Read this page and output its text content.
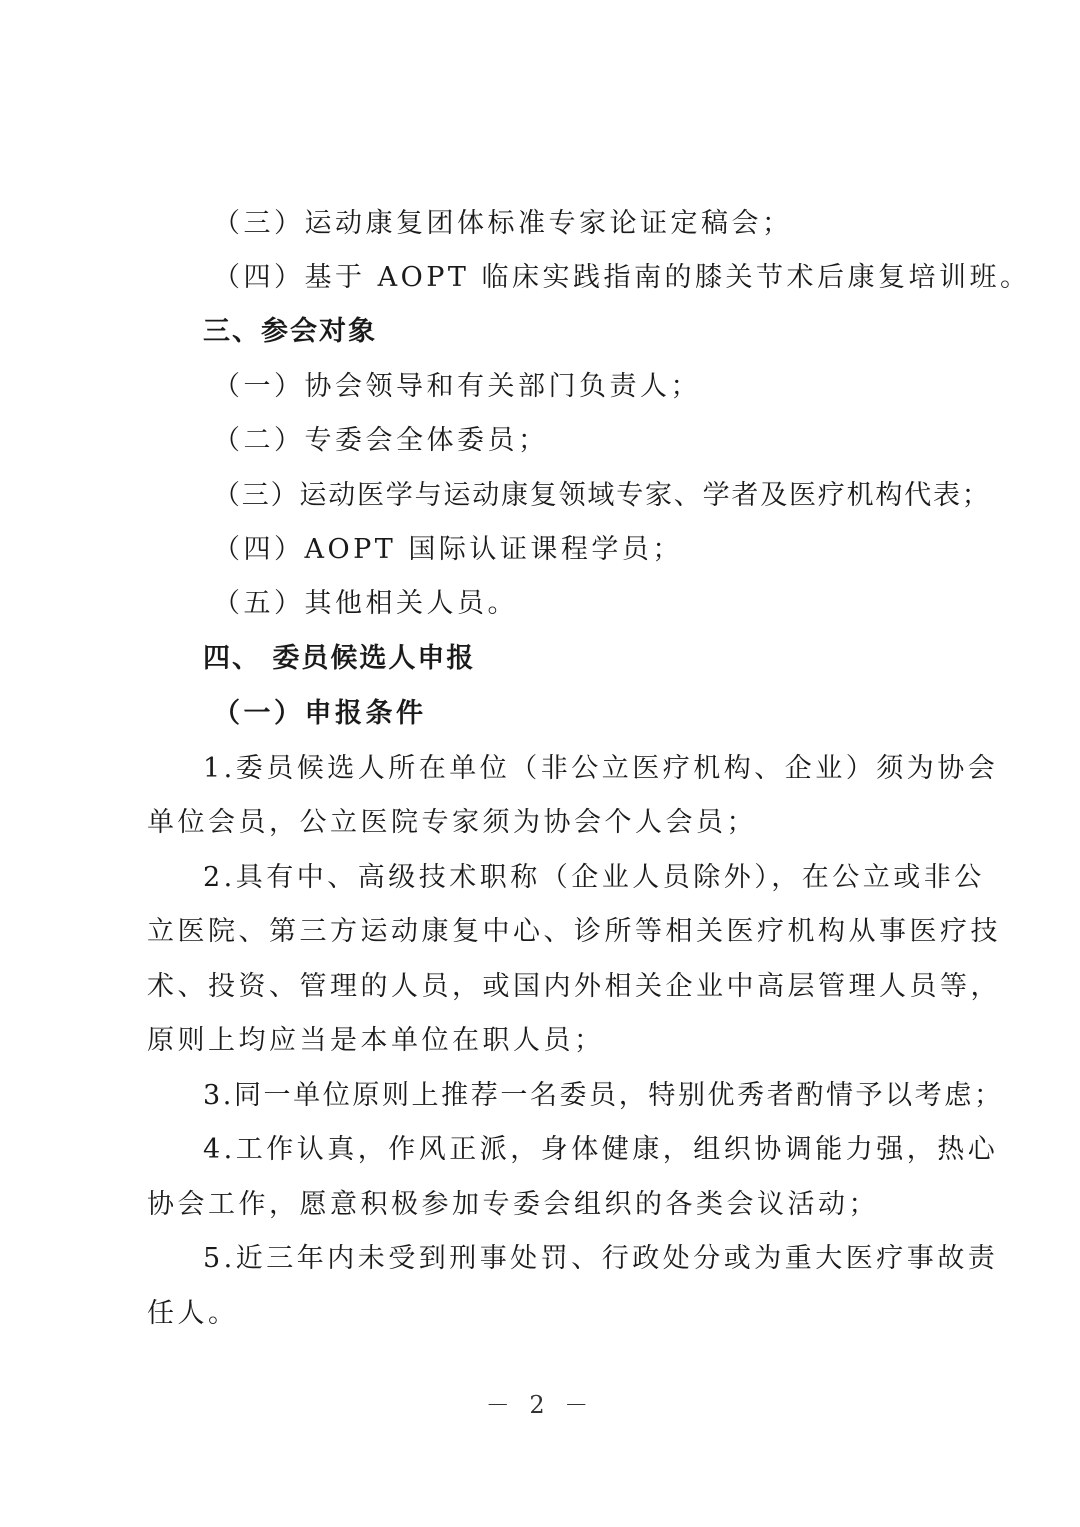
（三）运动康复团体标准专家论证定稿会；
（四）基于 AOPT 临床实践指南的膝关节术后康复培训班。
三、参会对象
（一）协会领导和有关部门负责人；
（二）专委会全体委员；
（三）运动医学与运动康复领域专家、学者及医疗机构代表；
（四）AOPT 国际认证课程学员；
（五）其他相关人员。
四、 委员候选人申报
（一）申报条件
1.委员候选人所在单位（非公立医疗机构、企业）须为协会
单位会员，公立医院专家须为协会个人会员；
2.具有中、高级技术职称（企业人员除外），在公立或非公
立医院、第三方运动康复中心、诊所等相关医疗机构从事医疗技
术、投资、管理的人员，或国内外相关企业中高层管理人员等，
原则上均应当是本单位在职人员；
3.同一单位原则上推荐一名委员，特别优秀者酌情予以考虑；
4.工作认真，作风正派，身体健康，组织协调能力强，热心
协会工作，愿意积极参加专委会组织的各类会议活动；
5.近三年内未受到刑事处罚、行政处分或为重大医疗事故责
任人。
－ 2 －
